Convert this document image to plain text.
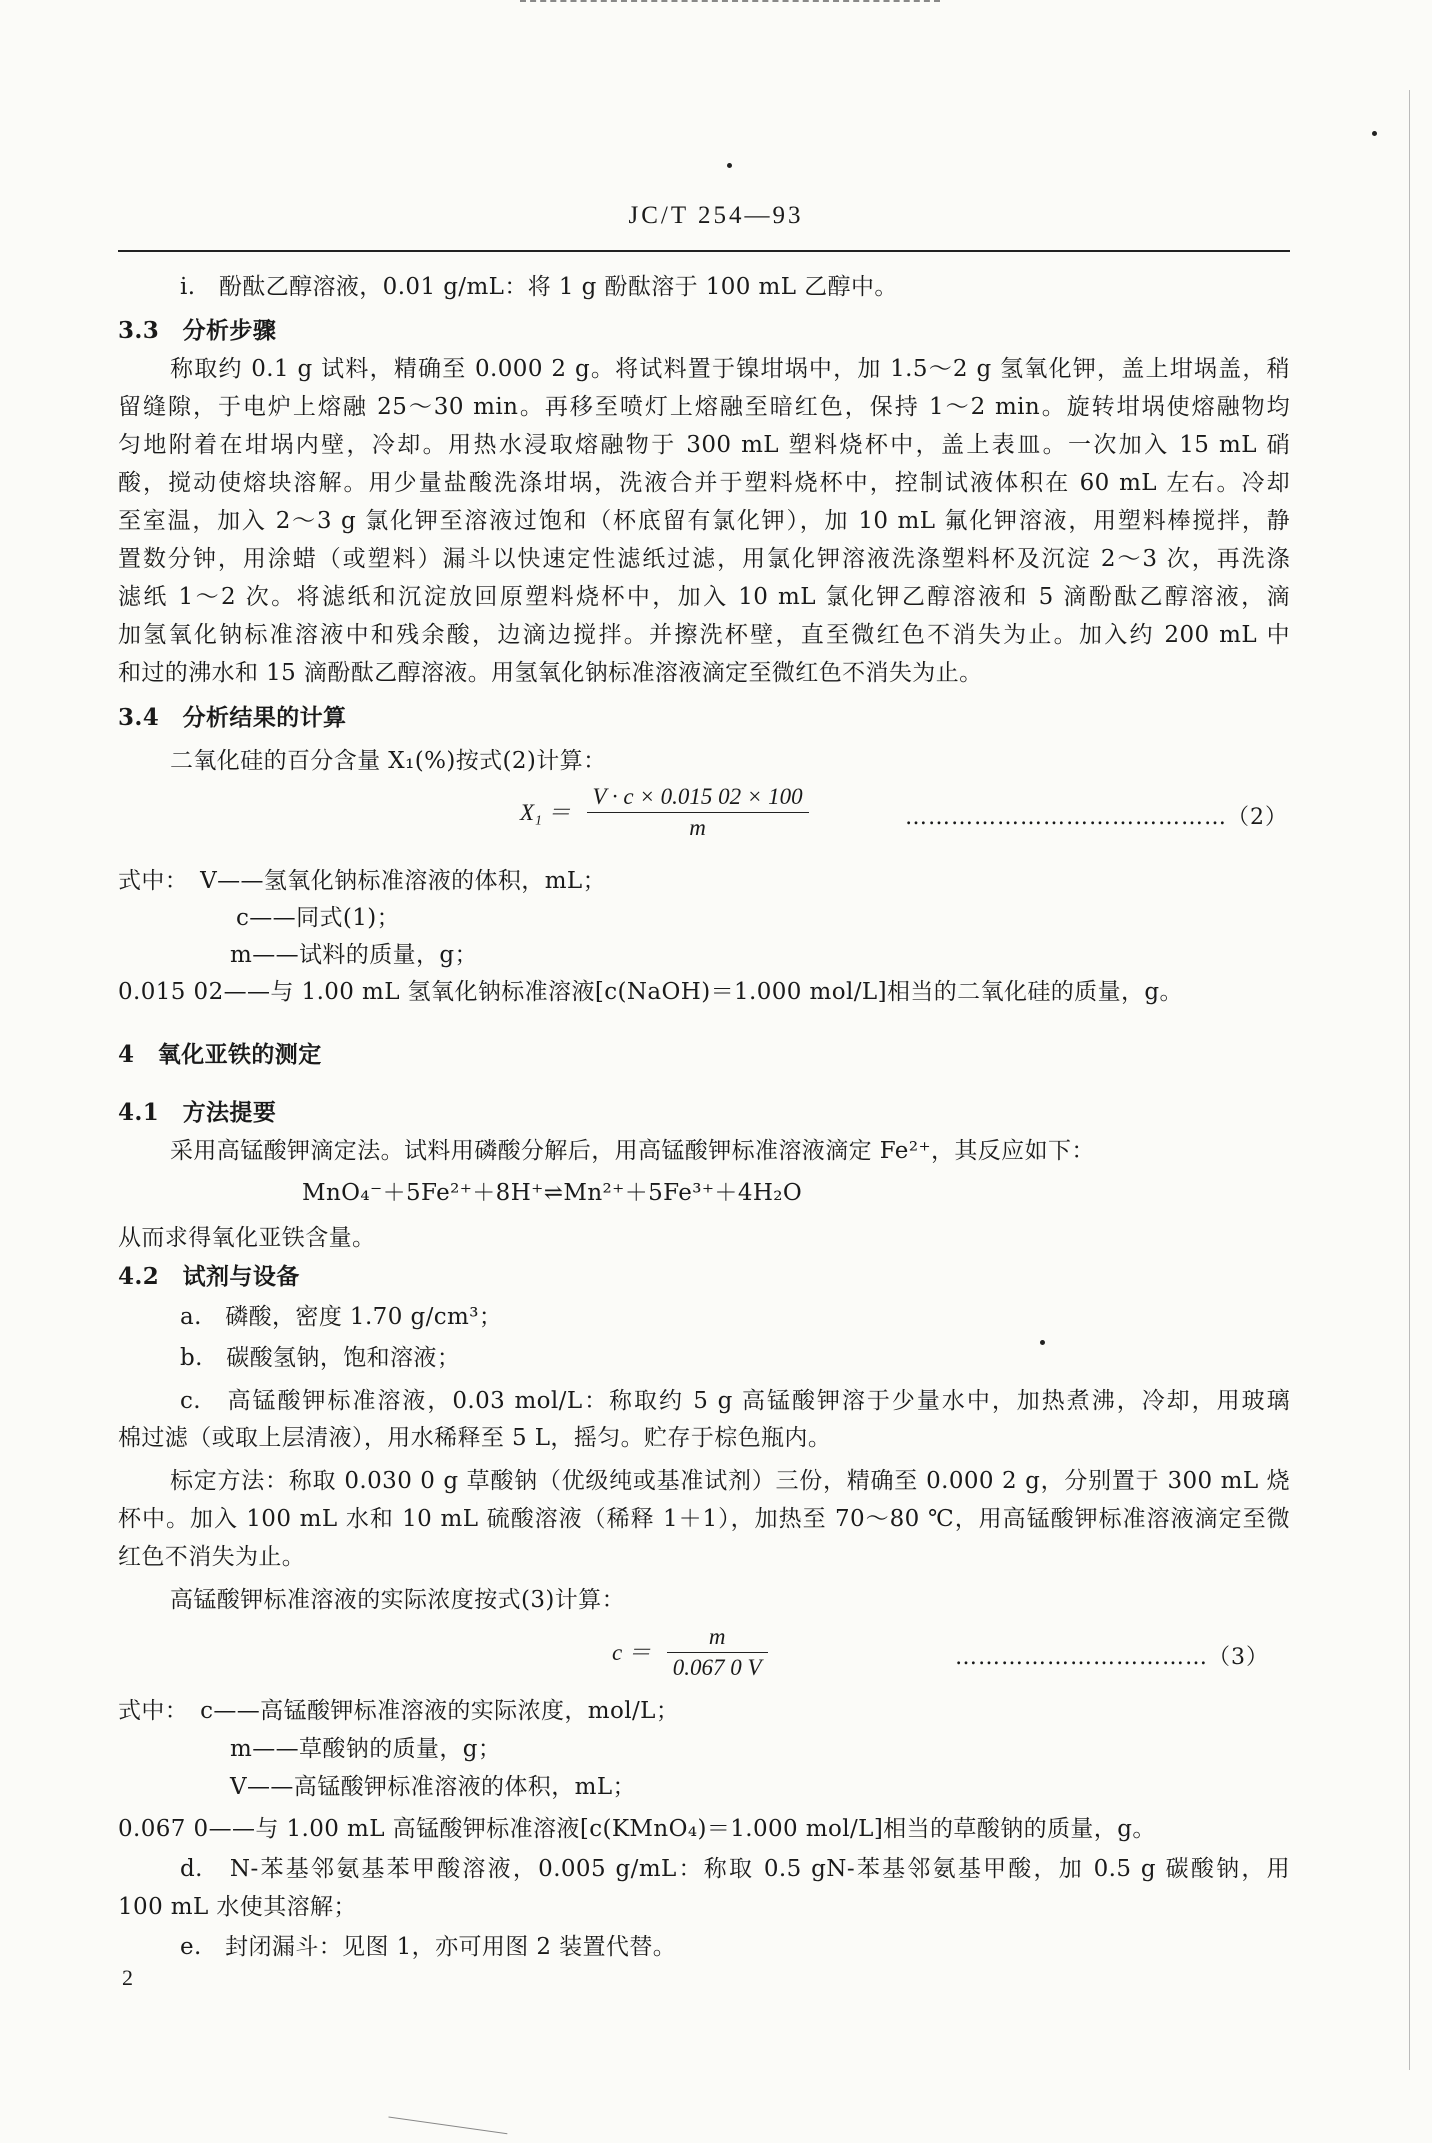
JC/T 254—93
i.　酚酞乙醇溶液，0.01 g/mL：将 1 g 酚酞溶于 100 mL 乙醇中。
3.3　分析步骤
称取约 0.1 g 试料，精确至 0.000 2 g。将试料置于镍坩埚中，加 1.5～2 g 氢氧化钾，盖上坩埚盖，稍
留缝隙，于电炉上熔融 25～30 min。再移至喷灯上熔融至暗红色，保持 1～2 min。旋转坩埚使熔融物均
匀地附着在坩埚内壁，冷却。用热水浸取熔融物于 300 mL 塑料烧杯中，盖上表皿。一次加入 15 mL 硝
酸，搅动使熔块溶解。用少量盐酸洗涤坩埚，洗液合并于塑料烧杯中，控制试液体积在 60 mL 左右。冷却
至室温，加入 2～3 g 氯化钾至溶液过饱和（杯底留有氯化钾），加 10 mL 氟化钾溶液，用塑料棒搅拌，静
置数分钟，用涂蜡（或塑料）漏斗以快速定性滤纸过滤，用氯化钾溶液洗涤塑料杯及沉淀 2～3 次，再洗涤
滤纸 1～2 次。将滤纸和沉淀放回原塑料烧杯中，加入 10 mL 氯化钾乙醇溶液和 5 滴酚酞乙醇溶液，滴
加氢氧化钠标准溶液中和残余酸，边滴边搅拌。并擦洗杯壁，直至微红色不消失为止。加入约 200 mL 中
和过的沸水和 15 滴酚酞乙醇溶液。用氢氧化钠标准溶液滴定至微红色不消失为止。
3.4　分析结果的计算
二氧化硅的百分含量 X₁(%)按式(2)计算：
$X_1 = \frac{V \cdot c \times 0.015 02 \times 100}{m}$	……………………………………（2）
式中：　V——氢氧化钠标准溶液的体积，mL；
c——同式(1)；
m——试料的质量，g；
0.015 02——与 1.00 mL 氢氧化钠标准溶液[c(NaOH)＝1.000 mol/L]相当的二氧化硅的质量，g。
4　氧化亚铁的测定
4.1　方法提要
采用高锰酸钾滴定法。试料用磷酸分解后，用高锰酸钾标准溶液滴定 Fe²⁺，其反应如下：
MnO₄⁻＋5Fe²⁺＋8H⁺⇌Mn²⁺＋5Fe³⁺＋4H₂O
从而求得氧化亚铁含量。
4.2　试剂与设备
a.　磷酸，密度 1.70 g/cm³；
b.　碳酸氢钠，饱和溶液；
c.　高锰酸钾标准溶液，0.03 mol/L：称取约 5 g 高锰酸钾溶于少量水中，加热煮沸，冷却，用玻璃
棉过滤（或取上层清液），用水稀释至 5 L，摇匀。贮存于棕色瓶内。
标定方法：称取 0.030 0 g 草酸钠（优级纯或基准试剂）三份，精确至 0.000 2 g，分别置于 300 mL 烧
杯中。加入 100 mL 水和 10 mL 硫酸溶液（稀释 1＋1），加热至 70～80 ℃，用高锰酸钾标准溶液滴定至微
红色不消失为止。
高锰酸钾标准溶液的实际浓度按式(3)计算：
$c = \frac{m}{0.067 0 V}$	……………………………（3）
式中：　c——高锰酸钾标准溶液的实际浓度，mol/L；
m——草酸钠的质量，g；
V——高锰酸钾标准溶液的体积，mL；
0.067 0——与 1.00 mL 高锰酸钾标准溶液[c(KMnO₄)＝1.000 mol/L]相当的草酸钠的质量，g。
d.　N-苯基邻氨基苯甲酸溶液，0.005 g/mL：称取 0.5 gN-苯基邻氨基甲酸，加 0.5 g 碳酸钠，用
100 mL 水使其溶解；
e.　封闭漏斗：见图 1，亦可用图 2 装置代替。
2
